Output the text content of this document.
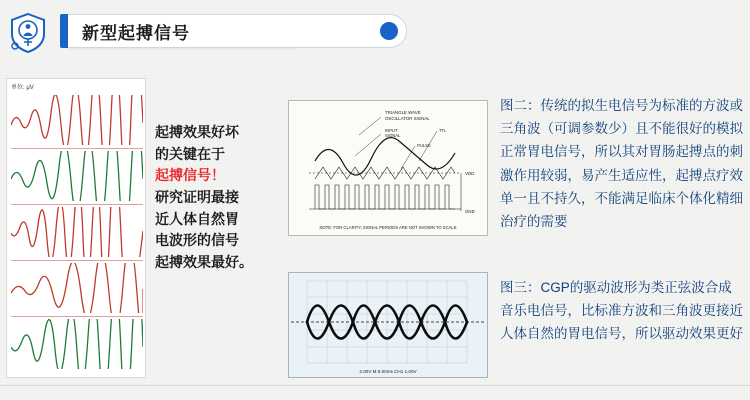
新型起搏信号
单位: μV
起搏效果好坏
的关键在于
起搏信号！
研究证明最接
近人体自然胃
电波形的信号
起搏效果最好。
TRIANGLE WAVE
OSCILLATOR SIGNAL
INPUT
SIGNAL
TTL
PULSE
VDD
GND
NOTE: FOR CLARITY, SIGNAL PERIODS ARE NOT SHOWN TO SCALE
2.00V M 5.00ms CH1 1.00V
图二：传统的拟生电信号为标准的方波或三角波（可调参数少）且不能很好的模拟正常胃电信号，所以其对胃肠起搏点的刺激作用较弱，易产生适应性，起搏点疗效单一且不持久，不能满足临床个体化精细治疗的需要
图三：CGP的驱动波形为类正弦波合成音乐电信号，比标准方波和三角波更接近人体自然的胃电信号，所以驱动效果更好
